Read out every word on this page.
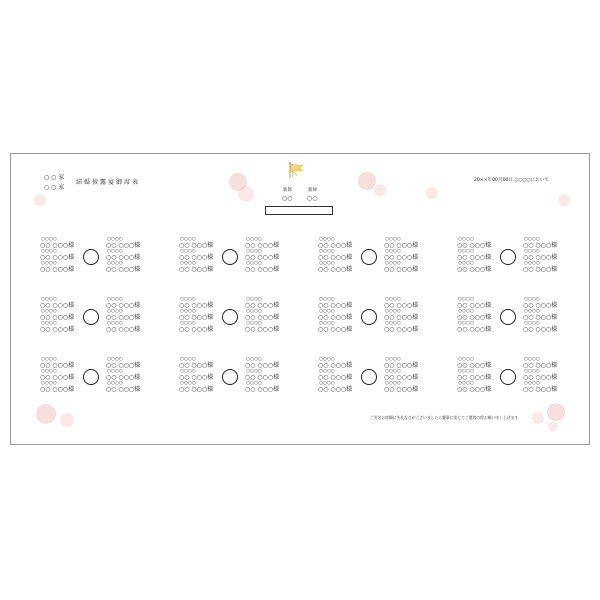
○ ○ 家
○ ○ 家
結婚披露宴御席表	20××年00月00日 ○○○○において
新郎
○○
新婦
○○
○○○○
○○ ○○○様
○○○○
○○ ○○○様
○○○○
○○ ○○○様
○○○○
○○ ○○○様
○○○○
○○ ○○○様
○○○○
○○ ○○○様
○○○○
○○ ○○○様
○○○○
○○ ○○○様
○○○○
○○ ○○○様
○○○○
○○ ○○○様
○○○○
○○ ○○○様
○○○○
○○ ○○○様
○○○○
○○ ○○○様
○○○○
○○ ○○○様
○○○○
○○ ○○○様
○○○○
○○ ○○○様
○○○○
○○ ○○○様
○○○○
○○ ○○○様
○○○○
○○ ○○○様
○○○○
○○ ○○○様
○○○○
○○ ○○○様
○○○○
○○ ○○○様
○○○○
○○ ○○○様
○○○○
○○ ○○○様
○○○○
○○ ○○○様
○○○○
○○ ○○○様
○○○○
○○ ○○○様
○○○○
○○ ○○○様
○○○○
○○ ○○○様
○○○○
○○ ○○○様
○○○○
○○ ○○○様
○○○○
○○ ○○○様
○○○○
○○ ○○○様
○○○○
○○ ○○○様
○○○○
○○ ○○○様
○○○○
○○ ○○○様
○○○○
○○ ○○○様
○○○○
○○ ○○○様
○○○○
○○ ○○○様
○○○○
○○ ○○○様
○○○○
○○ ○○○様
○○○○
○○ ○○○様
○○○○
○○ ○○○様
○○○○
○○ ○○○様
○○○○
○○ ○○○様
○○○○
○○ ○○○様
○○○○
○○ ○○○様
○○○○
○○ ○○○様
○○○○
○○ ○○○様
○○○○
○○ ○○○様
○○○○
○○ ○○○様
○○○○
○○ ○○○様
○○○○
○○ ○○○様
○○○○
○○ ○○○様
○○○○
○○ ○○○様
○○○○
○○ ○○○様
○○○○
○○ ○○○様
○○○○
○○ ○○○様
○○○○
○○ ○○○様
○○○○
○○ ○○○様
○○○○
○○ ○○○様
○○○○
○○ ○○○様
○○○○
○○ ○○○様
○○○○
○○ ○○○様
○○○○
○○ ○○○様
○○○○
○○ ○○○様
○○○○
○○ ○○○様
○○○○
○○ ○○○様
○○○○
○○ ○○○様
○○○○
○○ ○○○様
○○○○
○○ ○○○様
○○○○
○○ ○○○様
ご芳名お席順に失礼な点がございましたら慶事に免じてご寛容の程お願い申し上げます
